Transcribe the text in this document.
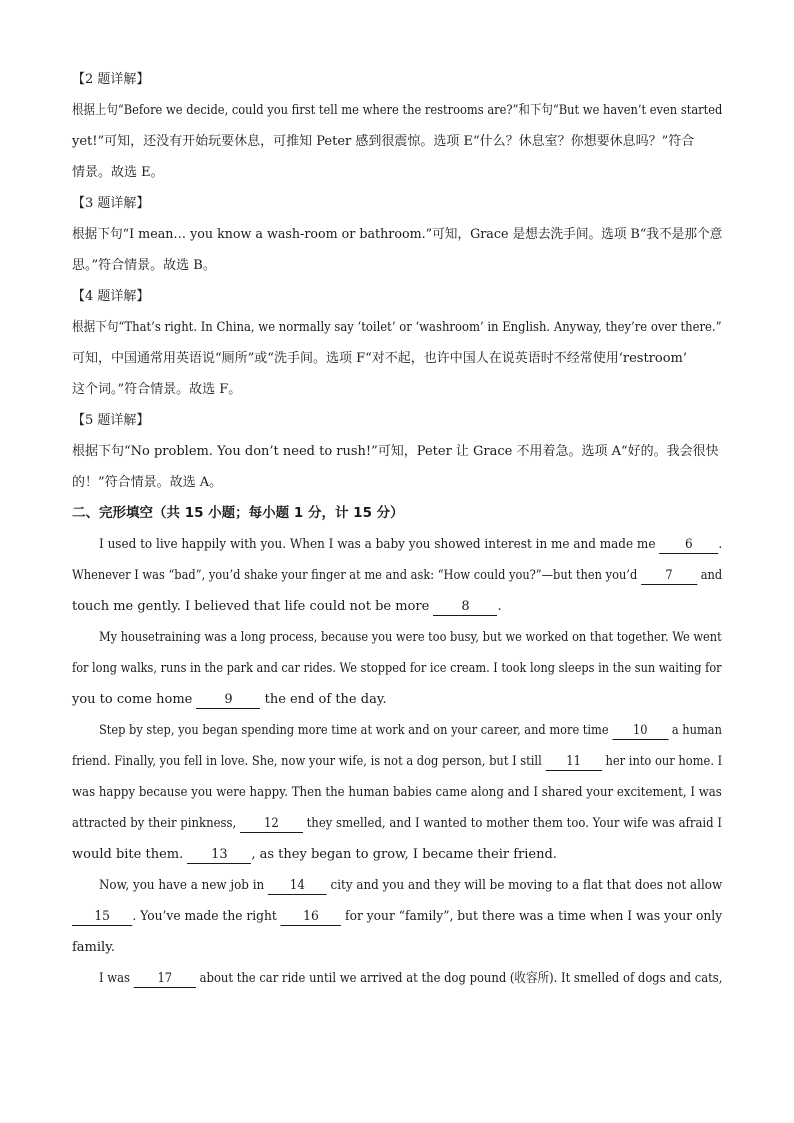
【2 题详解】
根据上句“Before we decide, could you first tell me where the restrooms are?”和下句“But we haven’t even started
yet!”可知，还没有开始玩要休息，可推知 Peter 感到很震惊。选项 E“什么？休息室？你想要休息吗？”符合
情景。故选 E。
【3 题详解】
根据下句“I mean… you know a wash-room or bathroom.”可知，Grace 是想去洗手间。选项 B“我不是那个意
思。”符合情景。故选 B。
【4 题详解】
根据下句“That’s right. In China, we normally say ‘toilet’ or ‘washroom’ in English. Anyway, they’re over there.”
可知，中国通常用英语说“厕所”或“洗手间。选项 F“对不起，也许中国人在说英语时不经常使用‘restroom’
这个词。”符合情景。故选 F。
【5 题详解】
根据下句“No problem. You don’t need to rush!”可知，Peter 让 Grace 不用着急。选项 A“好的。我会很快
的！”符合情景。故选 A。
二、完形填空（共 15 小题；每小题 1 分，计 15 分）
I used to live happily with you. When I was a baby you showed interest in me and made me 6 .
Whenever I was “bad”, you’d shake your finger at me and ask: “How could you?”—but then you’d 7 and
touch me gently. I believed that life could not be more 8 .
My housetraining was a long process, because you were too busy, but we worked on that together. We went
for long walks, runs in the park and car rides. We stopped for ice cream. I took long sleeps in the sun waiting for
you to come home 9 the end of the day.
Step by step, you began spending more time at work and on your career, and more time 10 a human
friend. Finally, you fell in love. She, now your wife, is not a dog person, but I still 11 her into our home. I
was happy because you were happy. Then the human babies came along and I shared your excitement, I was
attracted by their pinkness, 12 they smelled, and I wanted to mother them too. Your wife was afraid I
would bite them. 13 , as they began to grow, I became their friend.
Now, you have a new job in 14 city and you and they will be moving to a flat that does not allow
15 . You’ve made the right 16 for your “family”, but there was a time when I was your only
family.
I was 17 about the car ride until we arrived at the dog pound (收容所). It smelled of dogs and cats,
